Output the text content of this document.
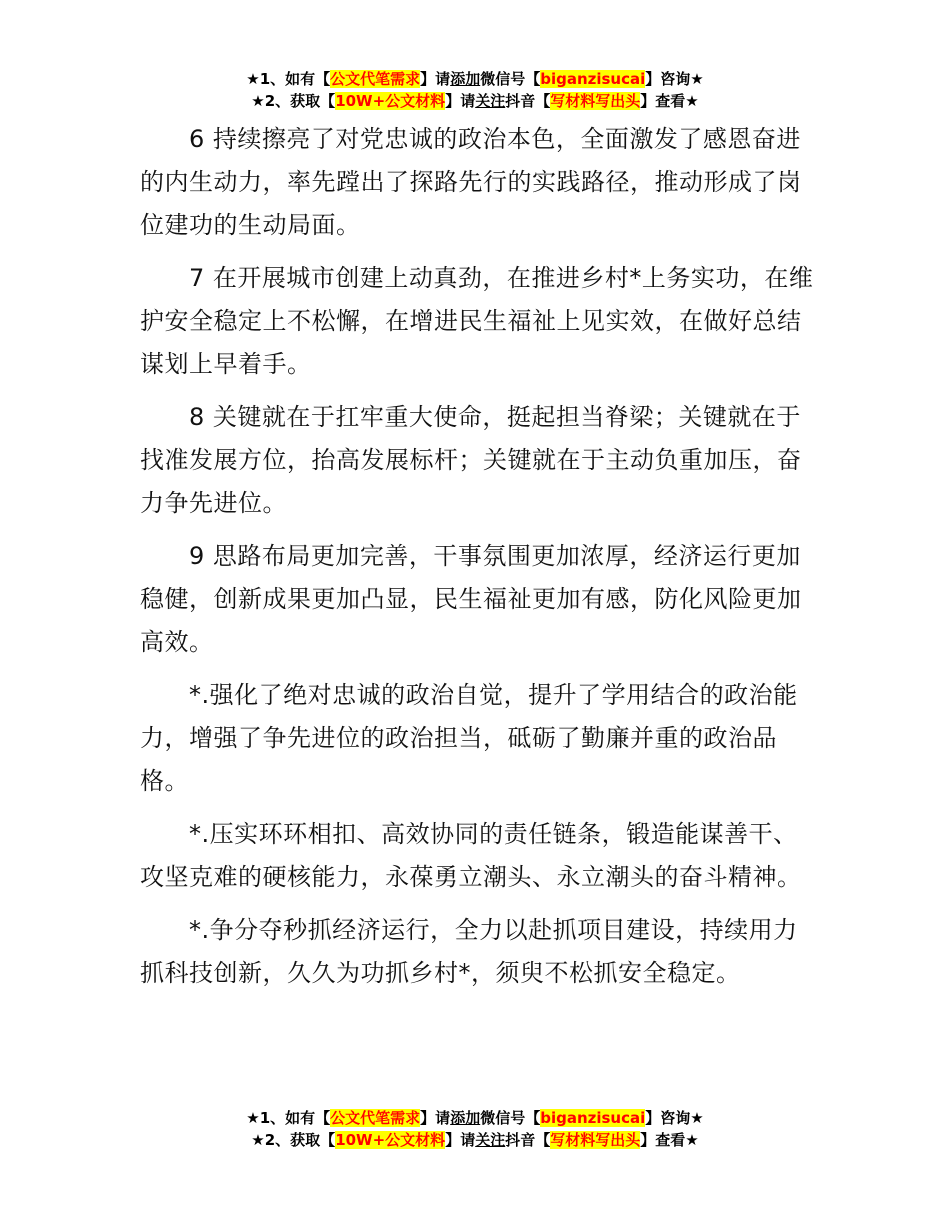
★1、如有【公文代笔需求】请添加微信号【biganzisucai】咨询★
★2、获取【10W+公文材料】请关注抖音【写材料写出头】查看★

6 持续擦亮了对党忠诚的政治本色，全面激发了感恩奋进的内生动力，率先蹚出了探路先行的实践路径，推动形成了岗位建功的生动局面。

7 在开展城市创建上动真劲，在推进乡村*上务实功，在维护安全稳定上不松懈，在增进民生福祉上见实效，在做好总结谋划上早着手。

8 关键就在于扛牢重大使命，挺起担当脊梁；关键就在于找准发展方位，抬高发展标杆；关键就在于主动负重加压，奋力争先进位。

9 思路布局更加完善，干事氛围更加浓厚，经济运行更加稳健，创新成果更加凸显，民生福祉更加有感，防化风险更加高效。

*.强化了绝对忠诚的政治自觉，提升了学用结合的政治能力，增强了争先进位的政治担当，砥砺了勤廉并重的政治品格。

*.压实环环相扣、高效协同的责任链条，锻造能谋善干、攻坚克难的硬核能力，永葆勇立潮头、永立潮头的奋斗精神。

*.争分夺秒抓经济运行，全力以赴抓项目建设，持续用力抓科技创新，久久为功抓乡村*，须臾不松抓安全稳定。

★1、如有【公文代笔需求】请添加微信号【biganzisucai】咨询★
★2、获取【10W+公文材料】请关注抖音【写材料写出头】查看★
